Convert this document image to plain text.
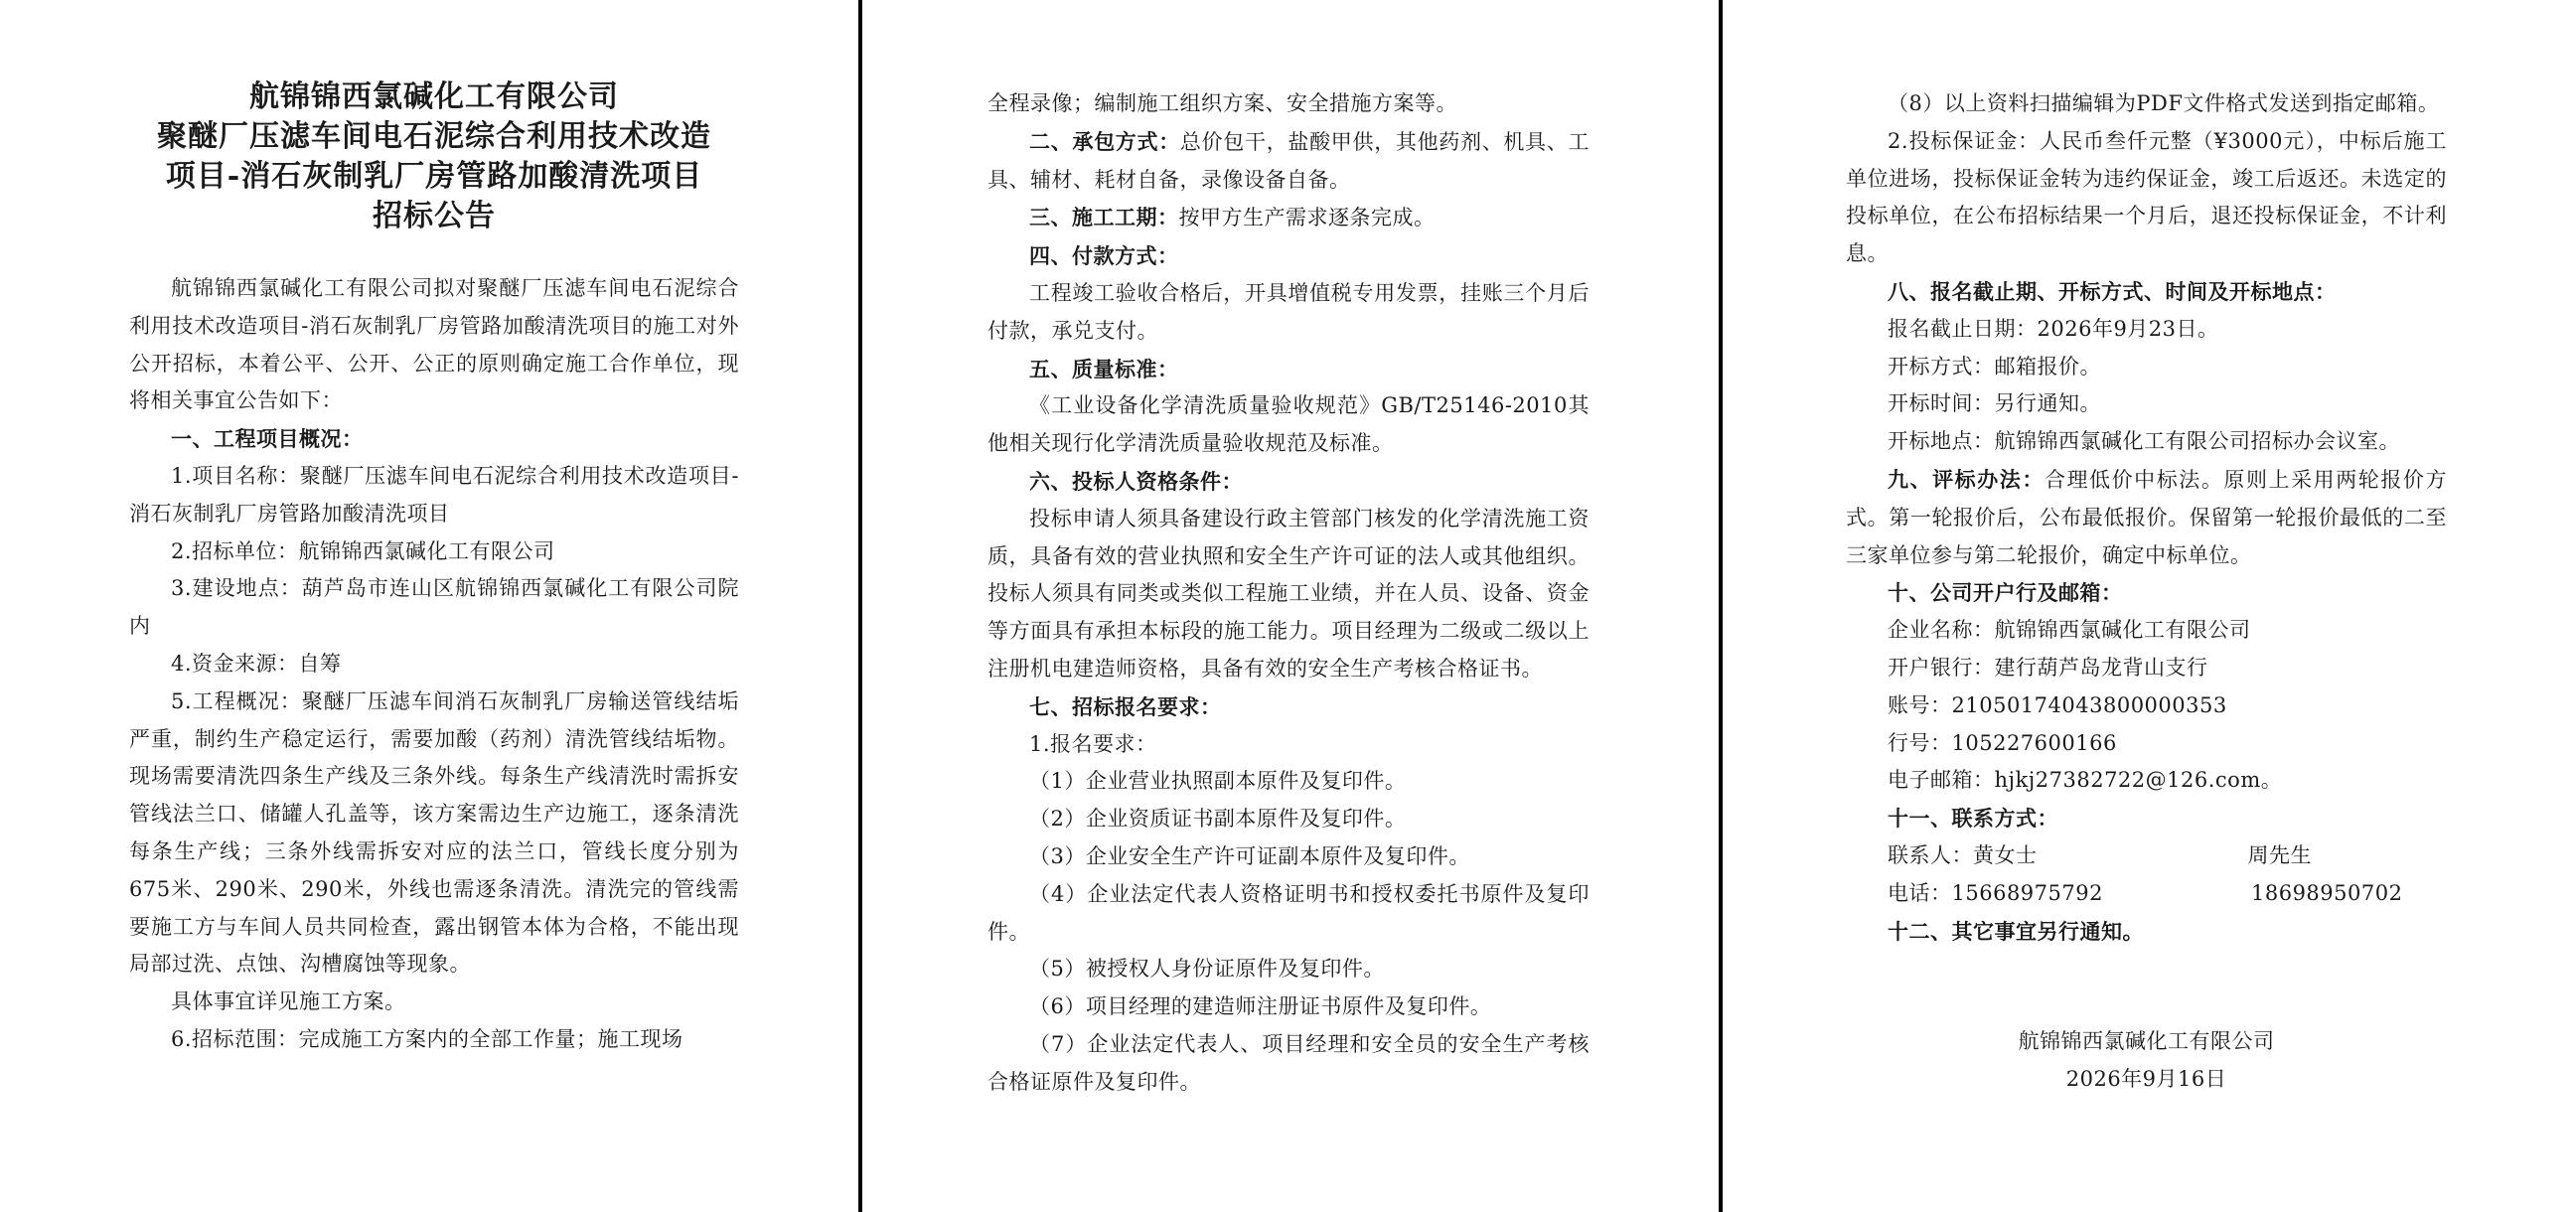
航锦锦西氯碱化工有限公司
聚醚厂压滤车间电石泥综合利用技术改造
项目-消石灰制乳厂房管路加酸清洗项目
招标公告

航锦锦西氯碱化工有限公司拟对聚醚厂压滤车间电石泥综合利用技术改造项目-消石灰制乳厂房管路加酸清洗项目的施工对外公开招标，本着公平、公开、公正的原则确定施工合作单位，现将相关事宜公告如下：

一、工程项目概况：

1.项目名称：聚醚厂压滤车间电石泥综合利用技术改造项目-消石灰制乳厂房管路加酸清洗项目

2.招标单位：航锦锦西氯碱化工有限公司

3.建设地点：葫芦岛市连山区航锦锦西氯碱化工有限公司院内

4.资金来源：自筹

5.工程概况：聚醚厂压滤车间消石灰制乳厂房输送管线结垢严重，制约生产稳定运行，需要加酸（药剂）清洗管线结垢物。现场需要清洗四条生产线及三条外线。每条生产线清洗时需拆安管线法兰口、储罐人孔盖等，该方案需边生产边施工，逐条清洗每条生产线；三条外线需拆安对应的法兰口，管线长度分别为675米、290米、290米，外线也需逐条清洗。清洗完的管线需要施工方与车间人员共同检查，露出钢管本体为合格，不能出现局部过洗、点蚀、沟槽腐蚀等现象。

具体事宜详见施工方案。

6.招标范围：完成施工方案内的全部工作量；施工现场

全程录像；编制施工组织方案、安全措施方案等。

二、承包方式：总价包干，盐酸甲供，其他药剂、机具、工具、辅材、耗材自备，录像设备自备。

三、施工工期：按甲方生产需求逐条完成。

四、付款方式：

工程竣工验收合格后，开具增值税专用发票，挂账三个月后付款，承兑支付。

五、质量标准：

《工业设备化学清洗质量验收规范》GB/T25146-2010其他相关现行化学清洗质量验收规范及标准。

六、投标人资格条件：

投标申请人须具备建设行政主管部门核发的化学清洗施工资质，具备有效的营业执照和安全生产许可证的法人或其他组织。投标人须具有同类或类似工程施工业绩，并在人员、设备、资金等方面具有承担本标段的施工能力。项目经理为二级或二级以上注册机电建造师资格，具备有效的安全生产考核合格证书。

七、招标报名要求：

1.报名要求：

（1）企业营业执照副本原件及复印件。

（2）企业资质证书副本原件及复印件。

（3）企业安全生产许可证副本原件及复印件。

（4）企业法定代表人资格证明书和授权委托书原件及复印件。

（5）被授权人身份证原件及复印件。

（6）项目经理的建造师注册证书原件及复印件。

（7）企业法定代表人、项目经理和安全员的安全生产考核合格证原件及复印件。

（8）以上资料扫描编辑为PDF文件格式发送到指定邮箱。

2.投标保证金：人民币叁仟元整（¥3000元），中标后施工单位进场，投标保证金转为违约保证金，竣工后返还。未选定的投标单位，在公布招标结果一个月后，退还投标保证金，不计利息。

八、报名截止期、开标方式、时间及开标地点：

报名截止日期：2026年9月23日。

开标方式：邮箱报价。

开标时间：另行通知。

开标地点：航锦锦西氯碱化工有限公司招标办会议室。

九、评标办法：合理低价中标法。原则上采用两轮报价方式。第一轮报价后，公布最低报价。保留第一轮报价最低的二至三家单位参与第二轮报价，确定中标单位。

十、公司开户行及邮箱：

企业名称：航锦锦西氯碱化工有限公司

开户银行：建行葫芦岛龙背山支行

账号：21050174043800000353

行号：105227600166

电子邮箱：hjkj27382722@126.com。

十一、联系方式：

联系人：黄女士	周先生

电话：15668975792	18698950702

十二、其它事宜另行通知。

航锦锦西氯碱化工有限公司

2026年9月16日
